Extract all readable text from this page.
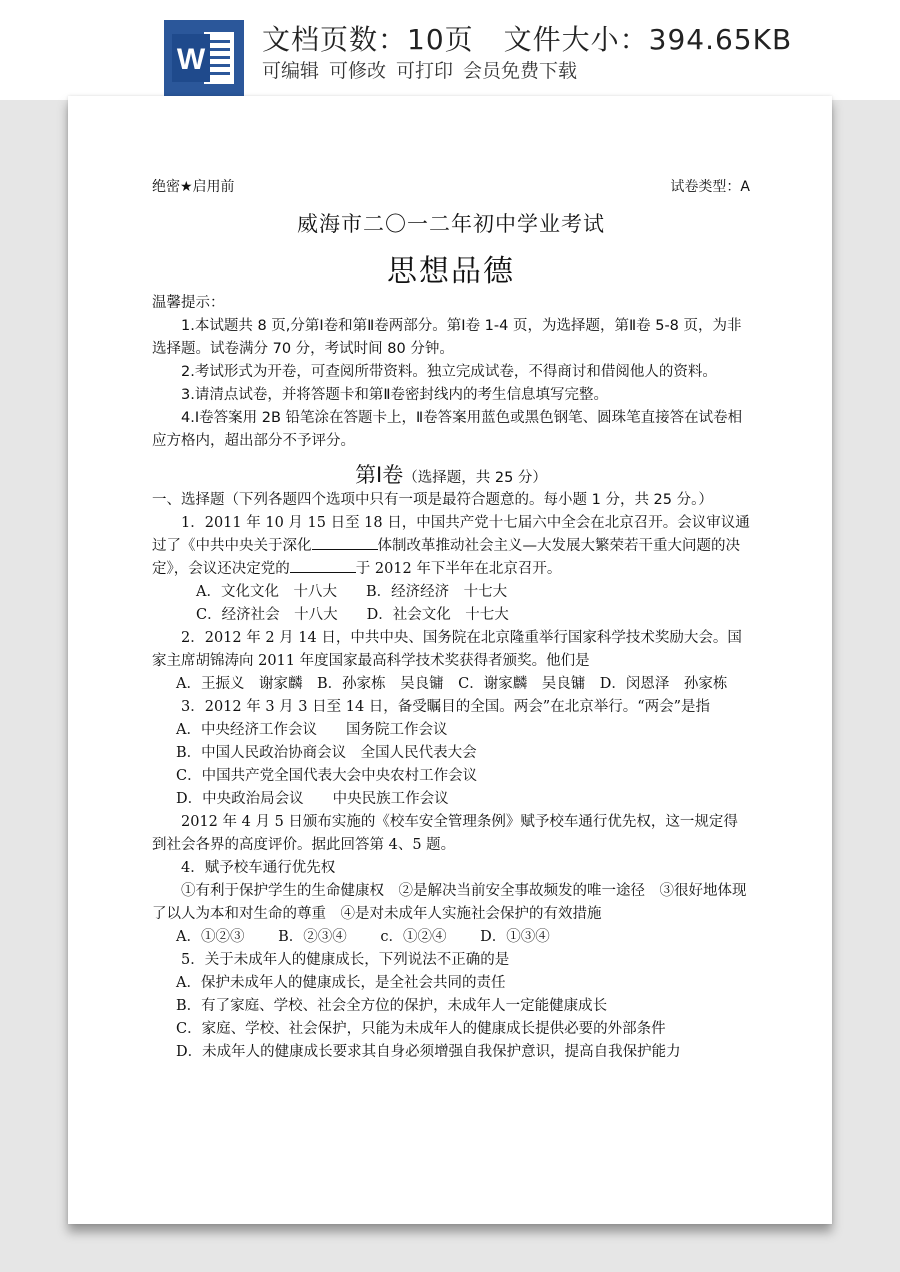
W
文档页数：10页 文件大小：394.65KB
可编辑 可修改 可打印 会员免费下载
绝密★启用前	试卷类型：A
威海市二〇一二年初中学业考试
思想品德

温馨提示：

1.本试题共 8 页,分第Ⅰ卷和第Ⅱ卷两部分。第Ⅰ卷 1-4 页，为选择题，第Ⅱ卷 5-8 页，为非选择题。试卷满分 70 分，考试时间 80 分钟。

2.考试形式为开卷，可查阅所带资料。独立完成试卷，不得商讨和借阅他人的资料。

3.请清点试卷，并将答题卡和第Ⅱ卷密封线内的考生信息填写完整。

4.Ⅰ卷答案用 2B 铅笔涂在答题卡上，Ⅱ卷答案用蓝色或黑色钢笔、圆珠笔直接答在试卷相应方格内，超出部分不予评分。

第Ⅰ卷（选择题，共 25 分）

一、选择题（下列各题四个选项中只有一项是最符合题意的。每小题 1 分，共 25 分。）

1．2011 年 10 月 15 日至 18 日，中国共产党十七届六中全会在北京召开。会议审议通过了《中共中央关于深化	体制改革推动社会主义—大发展大繁荣若干重大问题的决定》，会议还决定党的	于 2012 年下半年在北京召开。

A．文化文化　十八大　　 B．经济经济　十七大

C．经济社会　十八大　　 D．社会文化　十七大

2．2012 年 2 月 14 日，中共中央、国务院在北京隆重举行国家科学技术奖励大会。国家主席胡锦涛向 2011 年度国家最高科学技术奖获得者颁奖。他们是

A．王振义　谢家麟　 B．孙家栋　吴良镛　 C．谢家麟　吴良镛　 D．闵恩泽　孙家栋

3．2012 年 3 月 3 日至 14 日，备受瞩目的全国。两会”在北京举行。“两会”是指

A．中央经济工作会议　　国务院工作会议

B．中国人民政治协商会议　全国人民代表大会

C．中国共产党全国代表大会中央农村工作会议

D．中央政治局会议　　中央民族工作会议

2012 年 4 月 5 日颁布实施的《校车安全管理条例》赋予校车通行优先权，这一规定得到社会各界的高度评价。据此回答第 4、5 题。

4．赋予校车通行优先权

①有利于保护学生的生命健康权　②是解决当前安全事故频发的唯一途径　③很好地体现了以人为本和对生命的尊重　④是对未成年人实施社会保护的有效措施

A．①②③　　 B．②③④　　 c．①②④　　 D．①③④

5．关于未成年人的健康成长，下列说法不正确的是

A．保护未成年人的健康成长，是全社会共同的责任

B．有了家庭、学校、社会全方位的保护，未成年人一定能健康成长

C．家庭、学校、社会保护，只能为未成年人的健康成长提供必要的外部条件

D．未成年人的健康成长要求其自身必须增强自我保护意识，提高自我保护能力
